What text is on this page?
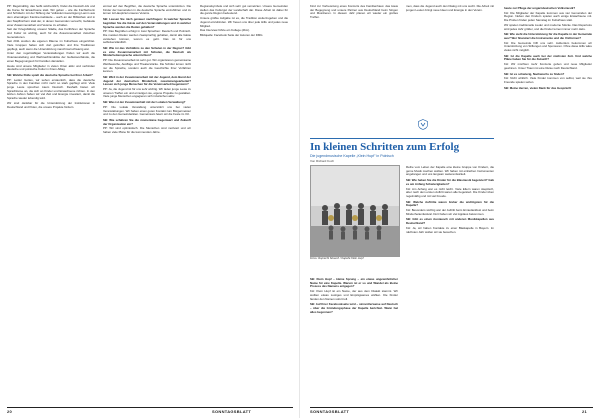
PP: Regelmäßig, das heißt wöchentlich, findet die Deutsch-AG und die Kurse für Erwachsene statt. Wir geben – wie die Fachlehrerin und Schülerin mit der Stiftung der Volkssturmvereinigung Lamm aus dem ehemaligen Kantine-Gebäude – auch an der Bibliothek und in den Stapfbüchern statt der, in denen Gemeinden versucht, Gebäude einer Zusammenarbeit und Vereine zu erhalten.

Seit der Kriegsbildung unserer Städte, das Fortführen der Sprache und Kultur ist wichtig, auch für die Zusammenarbeit zwischen Generationen.

Seit 2011 wurden die eigenen Räume im Kulturhaus eingerichtet. Viele Gruppen haben sich dort getroffen und ihre Traditionen gepflegt, auch wenn die Unterstützung manchmal schwierig war.

Unter den regelmäßigen Veranstaltungen finden wir auch die Osterausstellung und Weihnachtsmärkte der Gebietsverbände, die einen Begegnungsort für Familien darstellen.

Heute sind unsere Mitglieder in vielen Orten aktiv und verbinden deutsche und polnische Kultur in ihrem Alltag.

SB: Welche Rolle spielt die deutsche Sprache bei Ihrer Arbeit?

PP: Leider Gottes, wir sehen erstaunlich, dass die deutsche Sprache in den Familien nicht mehr so stark gepflegt wird. Viele junge Leute sprechen kaum Deutsch. Deshalb bieten wir Sprachkurse an, die sich an Kinder und Erwachsene richten. In den letzten Jahren haben wir viel Zeit und Energie investiert, damit die Sprache wieder lebendig wird.

Wir sind dankbar für die Unterstützung der Institutionen in Deutschland und Polen, die unsere Projekte fördern.

einmal auf den Begriffen, die deutsche Sprache unterstützen. Die Kinder der Gemeinden in die deutsche Sprache einzuführen und zu lernen ist Hauptziel unseres Vereins.

SB: Lassen Sie mich genauer nachfragen: In welcher Sprache begrüßen Sie die Gäste auf den Veranstaltungen und in welcher Sprache werden die Reden gehalten?

PP: Das Begrüßen erfolgt in zwei Sprachen: Deutsch und Polnisch. Die meisten Reden werden zweisprachig gehalten, damit alle Gäste verstehen können, worum es geht. Das ist für uns selbstverständlich.

SB: Wie ist das Verhältnis zu den Schulen in der Region? Gibt es eine Zusammenarbeit mit Schulen, die Deutsch als Minderheitensprache unterrichten?

PP: Die Zusammenarbeit ist sehr gut. Wir organisieren gemeinsame Wettbewerbe, Ausflüge und Theaterstücke. Die Schüler lernen nicht nur die Sprache, sondern auch die Geschichte ihrer Vorfahren kennen.

SB: Wird in der Zusammenarbeit mit der Jugend, dem Bund der Jugend der deutschen Minderheit, zusammengearbeitet? Lassen sich junge Menschen für die Vereinsarbeit begeistern?

PP: Ja, die Jugend ist für uns sehr wichtig. Wir laden junge Leute zu unseren Treffen ein und ermutigen sie, eigene Projekte zu gestalten. Viele junge Menschen engagieren sich inzwischen aktiv.

SB: Was ist der Zusammenhalt mit der Lokalen Verwaltung?

PP: Die Lokale Verwaltung unterstützt uns bei vielen Veranstaltungen. Wir haben einen guten Kontakt zum Bürgermeister und zu den Gemeinderäten. Gemeinsam feiern wir die Feste im Ort.

SB: Wie schätzen Sie die momentane Gegenwart und Zukunft der Organisation ein?

PP: Wir sind optimistisch. Die Menschen sind motiviert und wir haben viele Pläne für die kommenden Jahre.

Regionalsymbole und sich sehr gut vernetzten. Unsere Gemeinden stellen das Kulturgut der Landschaft dar. Diese Arbeit ist dabei für die ganze Region bedeutend.

Unsere größte Aufgabe ist es, die Tradition weiterzugeben und die Jugend einzubinden. Wir freuen uns über jede Hilfe und jedes neue Mitglied.

Das Interview führte ein Kollege (dbm).

Bildquelle: Facebook Seite der Autoren der DMG

20	SONNTAGSBLATT

Kind zur Vorbereitung eines Konzerts des Familienhaus: das Haus der Begegnung und unsere Partner aus Deutschland beim Singen und Musizieren. In diesem Jahr planen wir wieder ein großes Treffen.

men, dass die Jugend auch den Dialog mit uns sucht. Die Arbeit mit jungen Leuten bringt neue Ideen und Energie in den Verein.

In kleinen Schritten zum Erfolg
Die jugendmusische Kapelle „Klein Hupf" in Polnisch
Von Richard Kuch
Fotos: Ruprecht Strauch / Kapelle Klein Hupf

SB: Klein Hupf – kleine Sprung – ein etwas ungewöhnlicher Name für eine Kapelle. Warum ist er so und Wandel als kleine Prozess des Namens entgegen?

KH: Klein Hupf ist ein Name, der aus dem Dialekt stammt. Wir wollten etwas Lustiges und Einprägsames wählen. Die Kinder fanden den Namen sofort toll.

SB: Auf Ihrer Facebookseite wird – sinnvollerweise auf Deutsch – über die Gründungsphase der Kapelle berichtet. Wann hat alles begonnen?

Reihe vom Leben der Kapelle eine kleine Gruppe von Kindern, die gerne Musik machen wollten. Wir haben mit einfachen Instrumenten angefangen und uns langsam weiterentwickelt.

SB: Wie haben Sie die Kinder für die Blasmusik begeistert? Gab es am Anfang Schwierigkeiten?

KH: Am Anfang war es nicht leicht. Viele Eltern waren skeptisch, aber nach dem ersten Auftritt waren alle begeistert. Die Kinder üben regelmäßig und mit viel Freude.

SB: Welche Auftritte waren bisher die wichtigsten für die Kapelle?

KH: Besonders wichtig war der Auftritt beim Erntedankfest und beim Minderheitenfestival. Dort haben wir viel Applaus bekommen.

SB: Gibt es einen Austausch mit anderen Musikkapellen aus Deutschland?

KH: Ja, wir haben Kontakte zu einer Blaskapelle in Bayern. Im nächsten Jahr wollen wir sie besuchen.

heute zur Pflege der ungarndeutschen Volksmusik?

KH: Die Mitglieder der Kapelle kommen aus vier Gemeinden der Region. Neben den Kindern spielen auch einige Erwachsene mit. Die Proben finden jeden Samstag im Kulturhaus statt.

Wir spielen traditionelle Lieder und moderne Stücke. Das Repertoire wird jedes Jahr größer, und die Kinder lernen immer mehr dazu.

SB: Wie sieht die Unterstützung für die Kapelle in der Gemeinde aus? Wer finanziert die Instrumente und die Uniformen?

KH: Die Gemeinde hilft uns sehr. Außerdem bekommen wir Unterstützung von Stiftungen und Sponsoren. Ohne diese Hilfe wäre vieles nicht möglich.

SB: Ist die Kapelle auch bei der nächsten Zeit. Und welche Pläne haben Sie für die Zukunft?

KH: Wir möchten mehr Konzerte geben und neue Mitglieder gewinnen. Unser Traum ist eine Reise nach Deutschland.

SB: Ist es schwierig, Nachwuchs zu finden?

KH: Nicht wirklich. Viele Kinder kommen von selbst, weil sie ihre Freunde spielen sehen.

SB: Meine Herren, vielen Dank für das Gespräch!

SONNTAGSBLATT	21
